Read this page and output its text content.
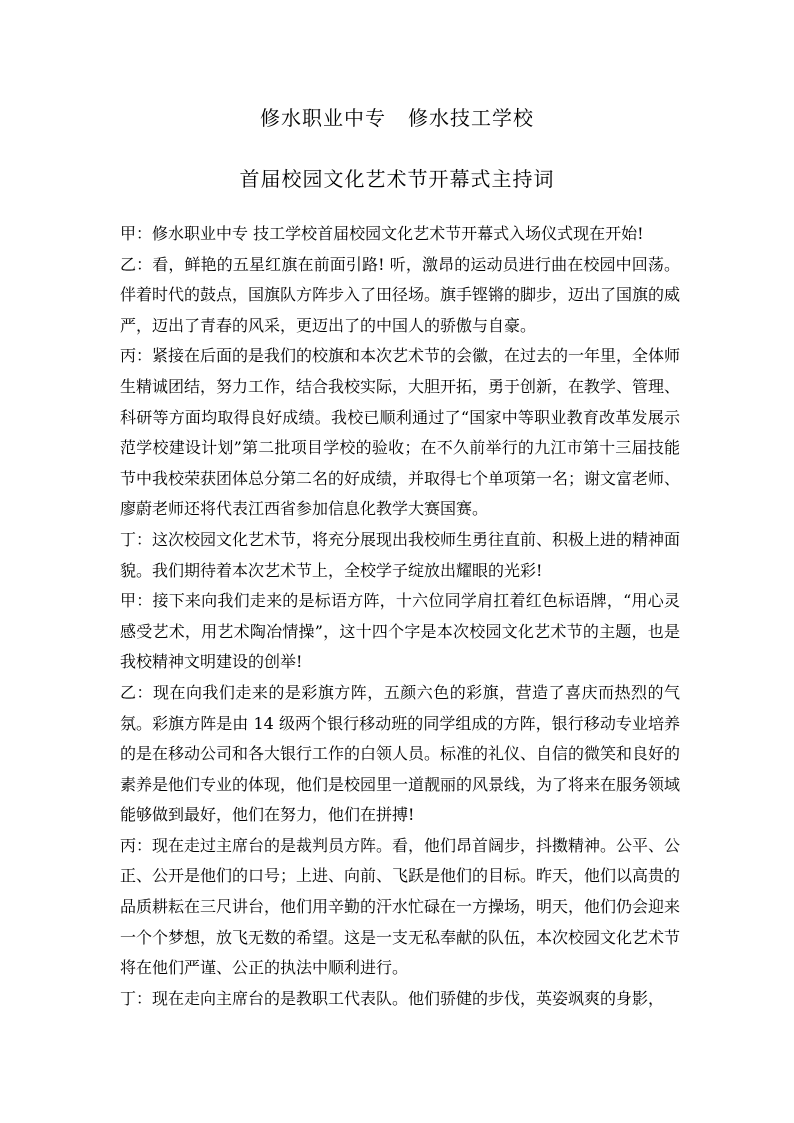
修水职业中专 修水技工学校
首届校园文化艺术节开幕式主持词

甲：修水职业中专 技工学校首届校园文化艺术节开幕式入场仪式现在开始!

乙：看，鲜艳的五星红旗在前面引路! 听，激昂的运动员进行曲在校园中回荡。伴着时代的鼓点，国旗队方阵步入了田径场。旗手铿锵的脚步，迈出了国旗的威严，迈出了青春的风采，更迈出了的中国人的骄傲与自豪。

丙：紧接在后面的是我们的校旗和本次艺术节的会徽，在过去的一年里，全体师生精诚团结，努力工作，结合我校实际，大胆开拓，勇于创新，在教学、管理、科研等方面均取得良好成绩。我校已顺利通过了“国家中等职业教育改革发展示范学校建设计划”第二批项目学校的验收；在不久前举行的九江市第十三届技能节中我校荣获团体总分第二名的好成绩，并取得七个单项第一名；谢文富老师、廖蔚老师还将代表江西省参加信息化教学大赛国赛。

丁：这次校园文化艺术节，将充分展现出我校师生勇往直前、积极上进的精神面貌。我们期待着本次艺术节上，全校学子绽放出耀眼的光彩!

甲：接下来向我们走来的是标语方阵，十六位同学肩扛着红色标语牌，“用心灵感受艺术，用艺术陶冶情操”，这十四个字是本次校园文化艺术节的主题，也是我校精神文明建设的创举!

乙：现在向我们走来的是彩旗方阵，五颜六色的彩旗，营造了喜庆而热烈的气氛。彩旗方阵是由 14 级两个银行移动班的同学组成的方阵，银行移动专业培养的是在移动公司和各大银行工作的白领人员。标准的礼仪、自信的微笑和良好的素养是他们专业的体现，他们是校园里一道靓丽的风景线，为了将来在服务领域能够做到最好，他们在努力，他们在拼搏!

丙：现在走过主席台的是裁判员方阵。看，他们昂首阔步，抖擞精神。公平、公正、公开是他们的口号；上进、向前、飞跃是他们的目标。昨天，他们以高贵的品质耕耘在三尺讲台，他们用辛勤的汗水忙碌在一方操场，明天，他们仍会迎来一个个梦想，放飞无数的希望。这是一支无私奉献的队伍，本次校园文化艺术节将在他们严谨、公正的执法中顺利进行。

丁：现在走向主席台的是教职工代表队。他们骄健的步伐，英姿飒爽的身影，
